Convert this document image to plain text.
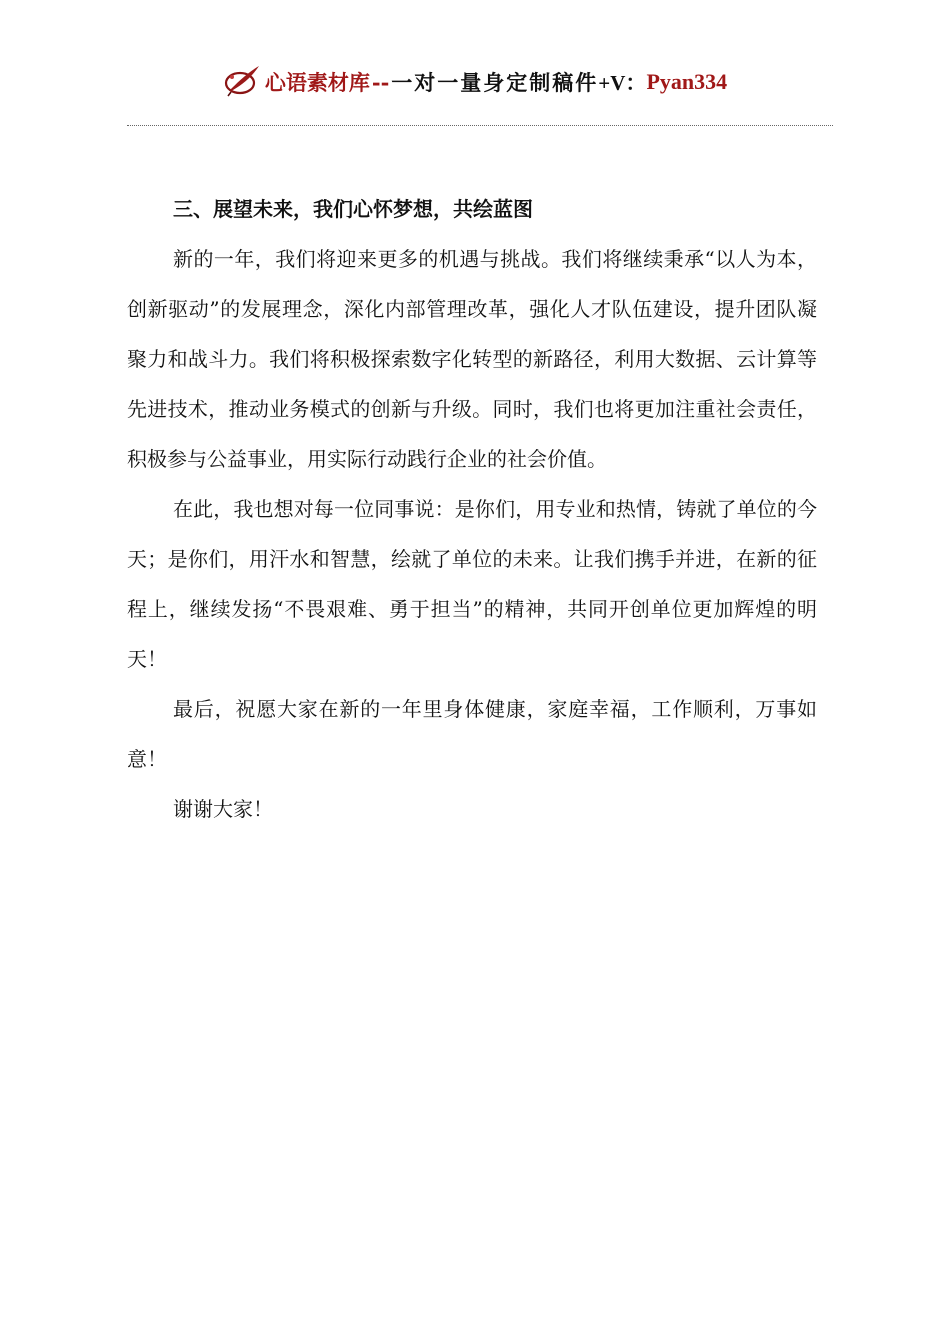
心语素材库 -- 一对一量身定制稿件 +V： Pyan334

三、展望未来，我们心怀梦想，共绘蓝图

新的一年，我们将迎来更多的机遇与挑战。我们将继续秉承“以人为本，创新驱动”的发展理念，深化内部管理改革，强化人才队伍建设，提升团队凝聚力和战斗力。我们将积极探索数字化转型的新路径，利用大数据、云计算等先进技术，推动业务模式的创新与升级。同时，我们也将更加注重社会责任，积极参与公益事业，用实际行动践行企业的社会价值。

在此，我也想对每一位同事说：是你们，用专业和热情，铸就了单位的今天；是你们，用汗水和智慧，绘就了单位的未来。让我们携手并进，在新的征程上，继续发扬“不畏艰难、勇于担当”的精神，共同开创单位更加辉煌的明天！

最后，祝愿大家在新的一年里身体健康，家庭幸福，工作顺利，万事如意！

谢谢大家！
